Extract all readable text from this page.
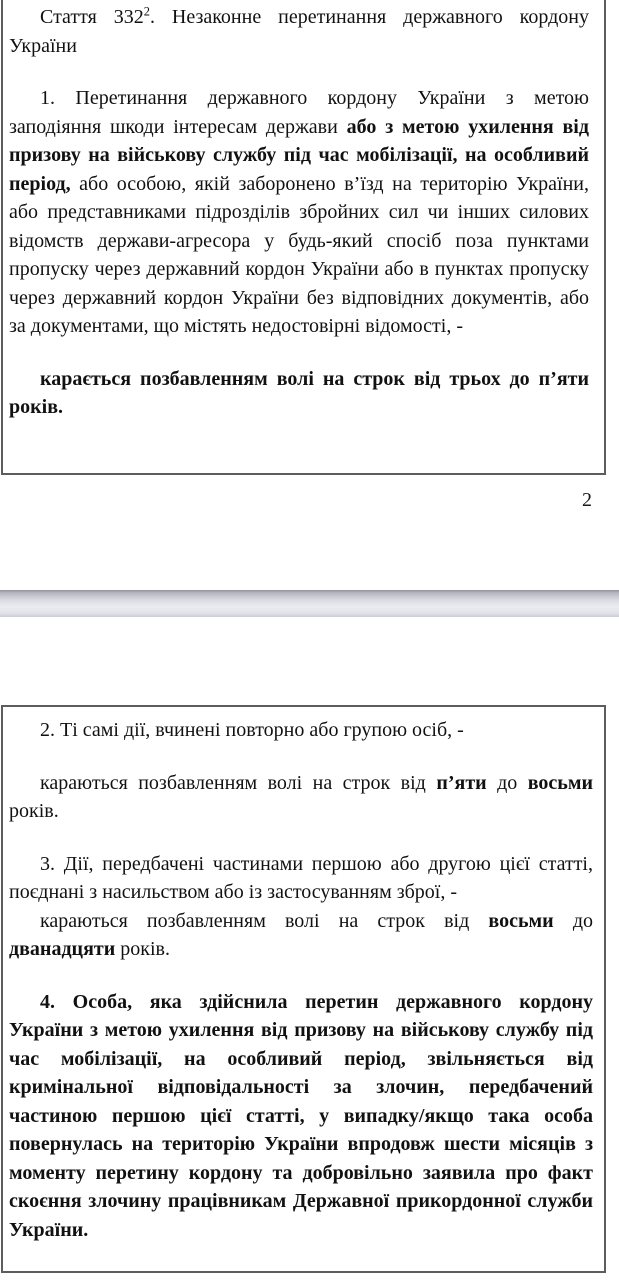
Стаття $332^2$. Незаконне перетинання державного кордону України

1. Перетинання державного кордону України з метою заподіяння шкоди інтересам держави або з метою ухилення від призову на військову службу під час мобілізації, на особливий період, або особою, якій заборонено в’їзд на територію України, або представниками підрозділів збройних сил чи інших силових відомств держави-агресора у будь-який спосіб поза пунктами пропуску через державний кордон України або в пунктах пропуску через державний кордон України без відповідних документів, або за документами, що містять недостовірні відомості, -

карається позбавленням волі на строк від трьох до п’яти років.

2

2. Ті самі дії, вчинені повторно або групою осіб, -

караються позбавленням волі на строк від п’яти до восьми років.

3. Дії, передбачені частинами першою або другою цієї статті, поєднані з насильством або із застосуванням зброї, -

караються позбавленням волі на строк від восьми до дванадцяти років.

4. Особа, яка здійснила перетин державного кордону України з метою ухилення від призову на військову службу під час мобілізації, на особливий період, звільняється від кримінальної відповідальності за злочин, передбачений частиною першою цієї статті, у випадку/якщо така особа повернулась на територію України впродовж шести місяців з моменту перетину кордону та добровільно заявила про факт скоєння злочину працівникам Державної прикордонної служби України.
